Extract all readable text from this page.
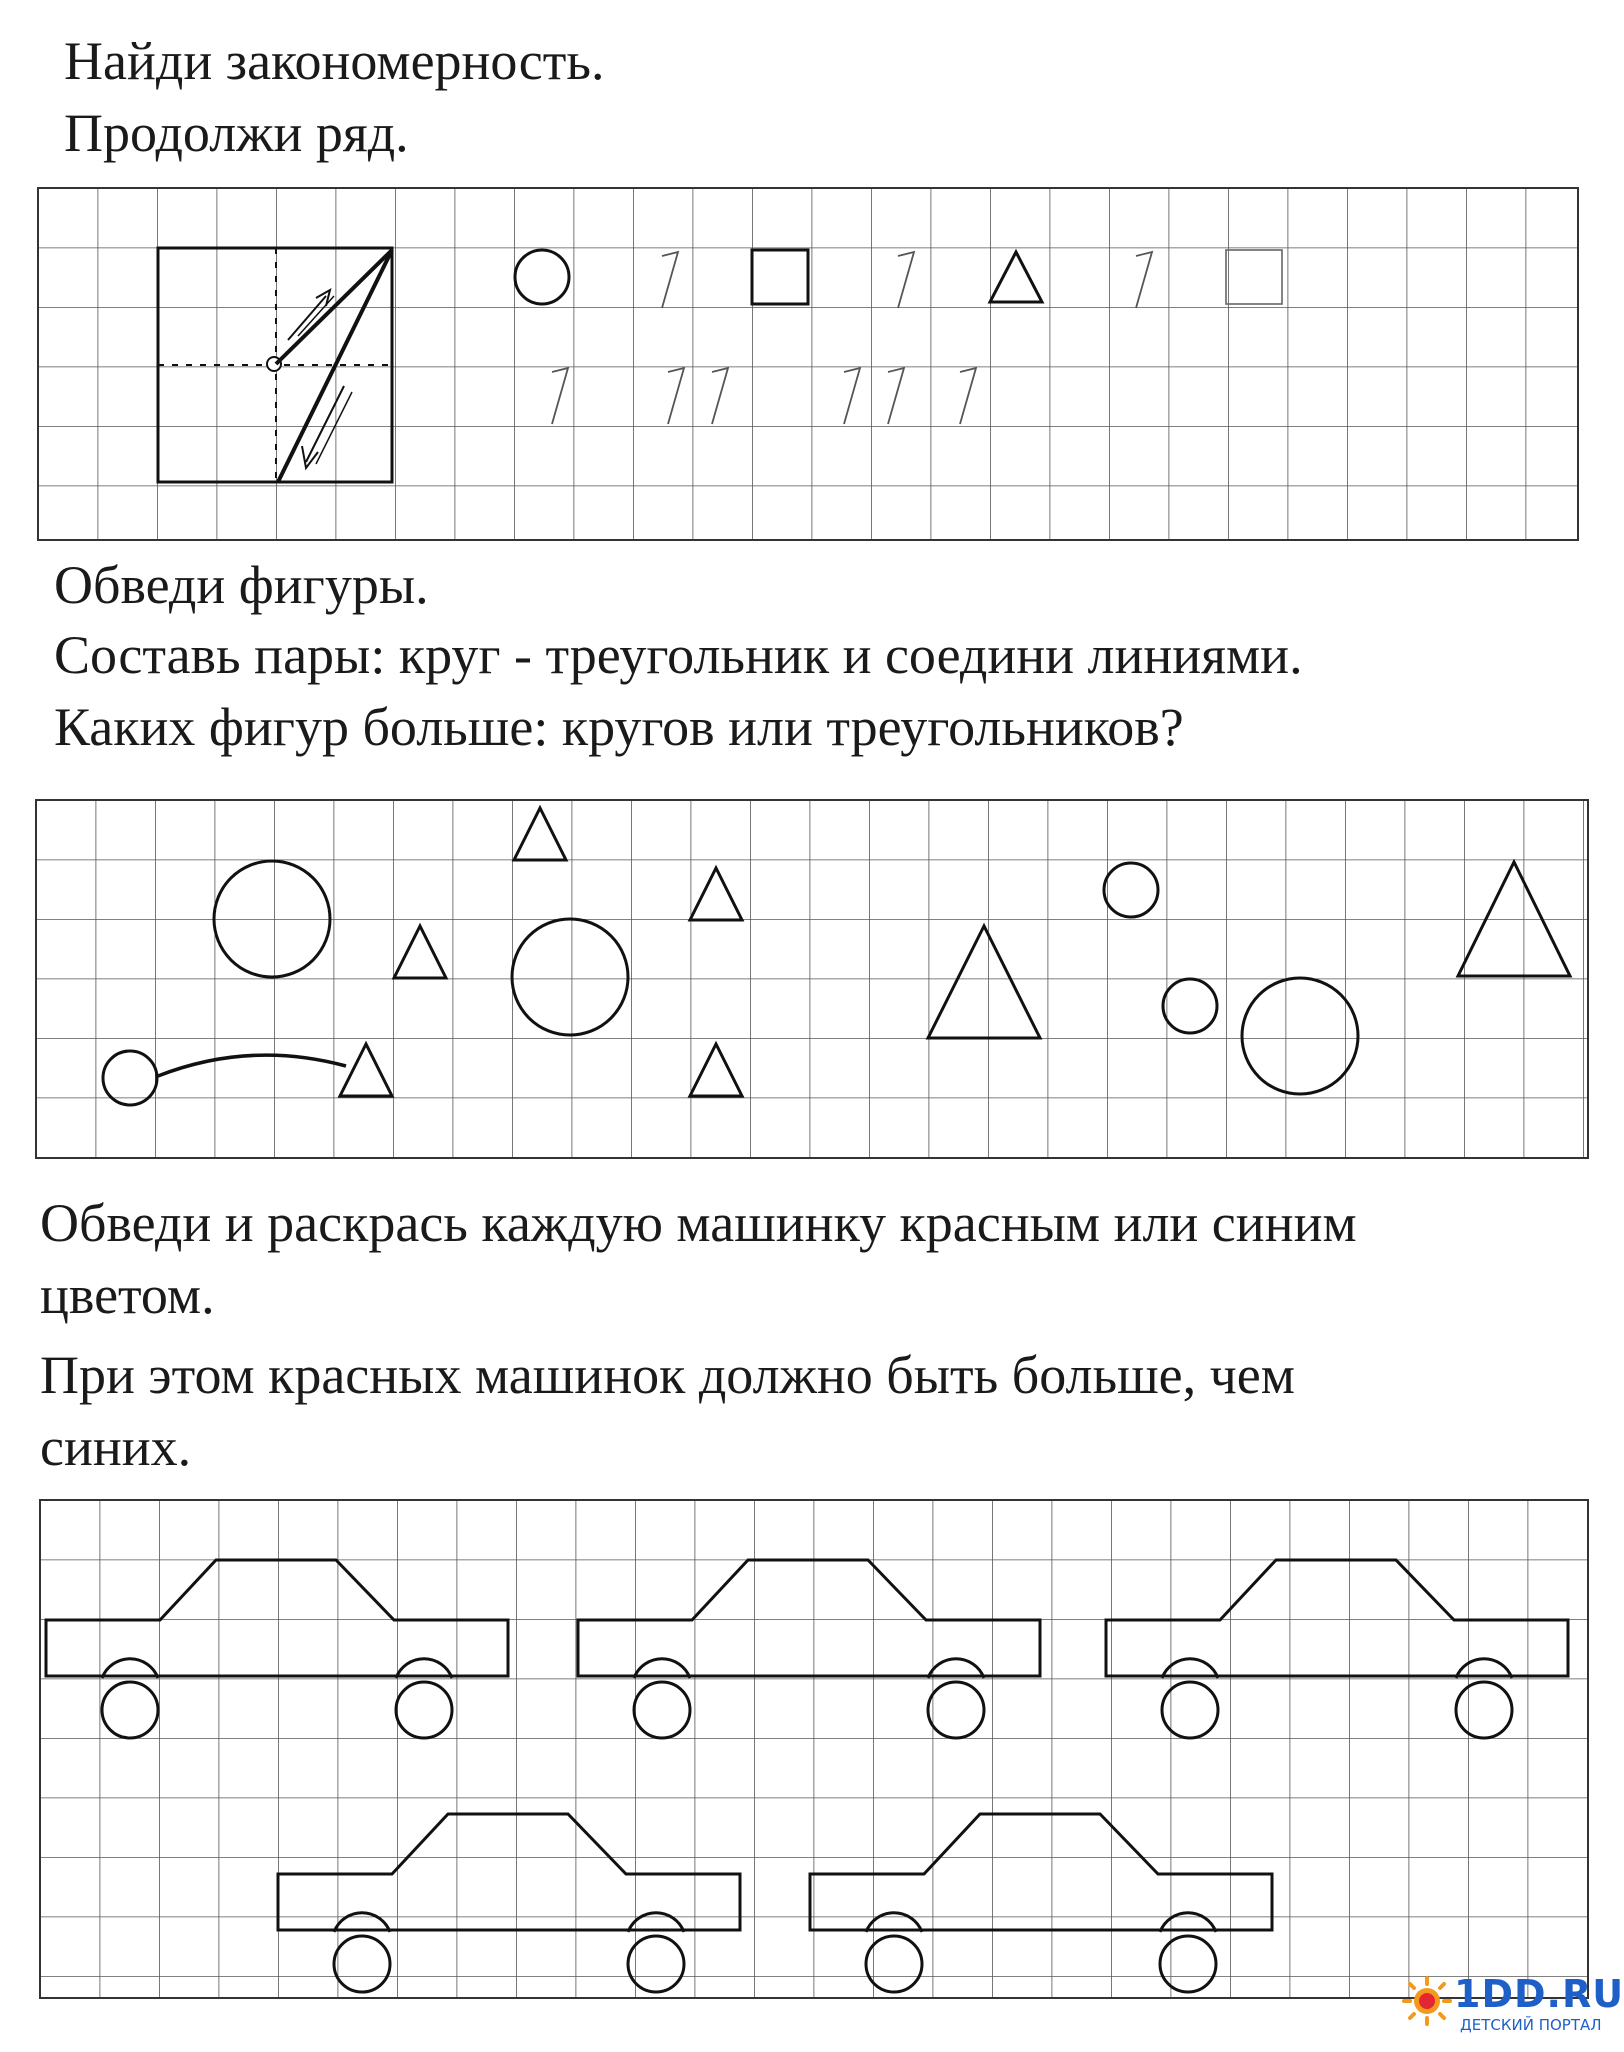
Найди закономерность.
Продолжи ряд.
Обведи фигуры.
Составь пары: круг - треугольник и соедини линиями.
Каких фигур больше: кругов или треугольников?
Обведи и раскрась каждую машинку красным или синим
цветом.
При этом красных машинок должно быть больше, чем
синих.
1DD.RU
ДЕТСКИЙ ПОРТАЛ
